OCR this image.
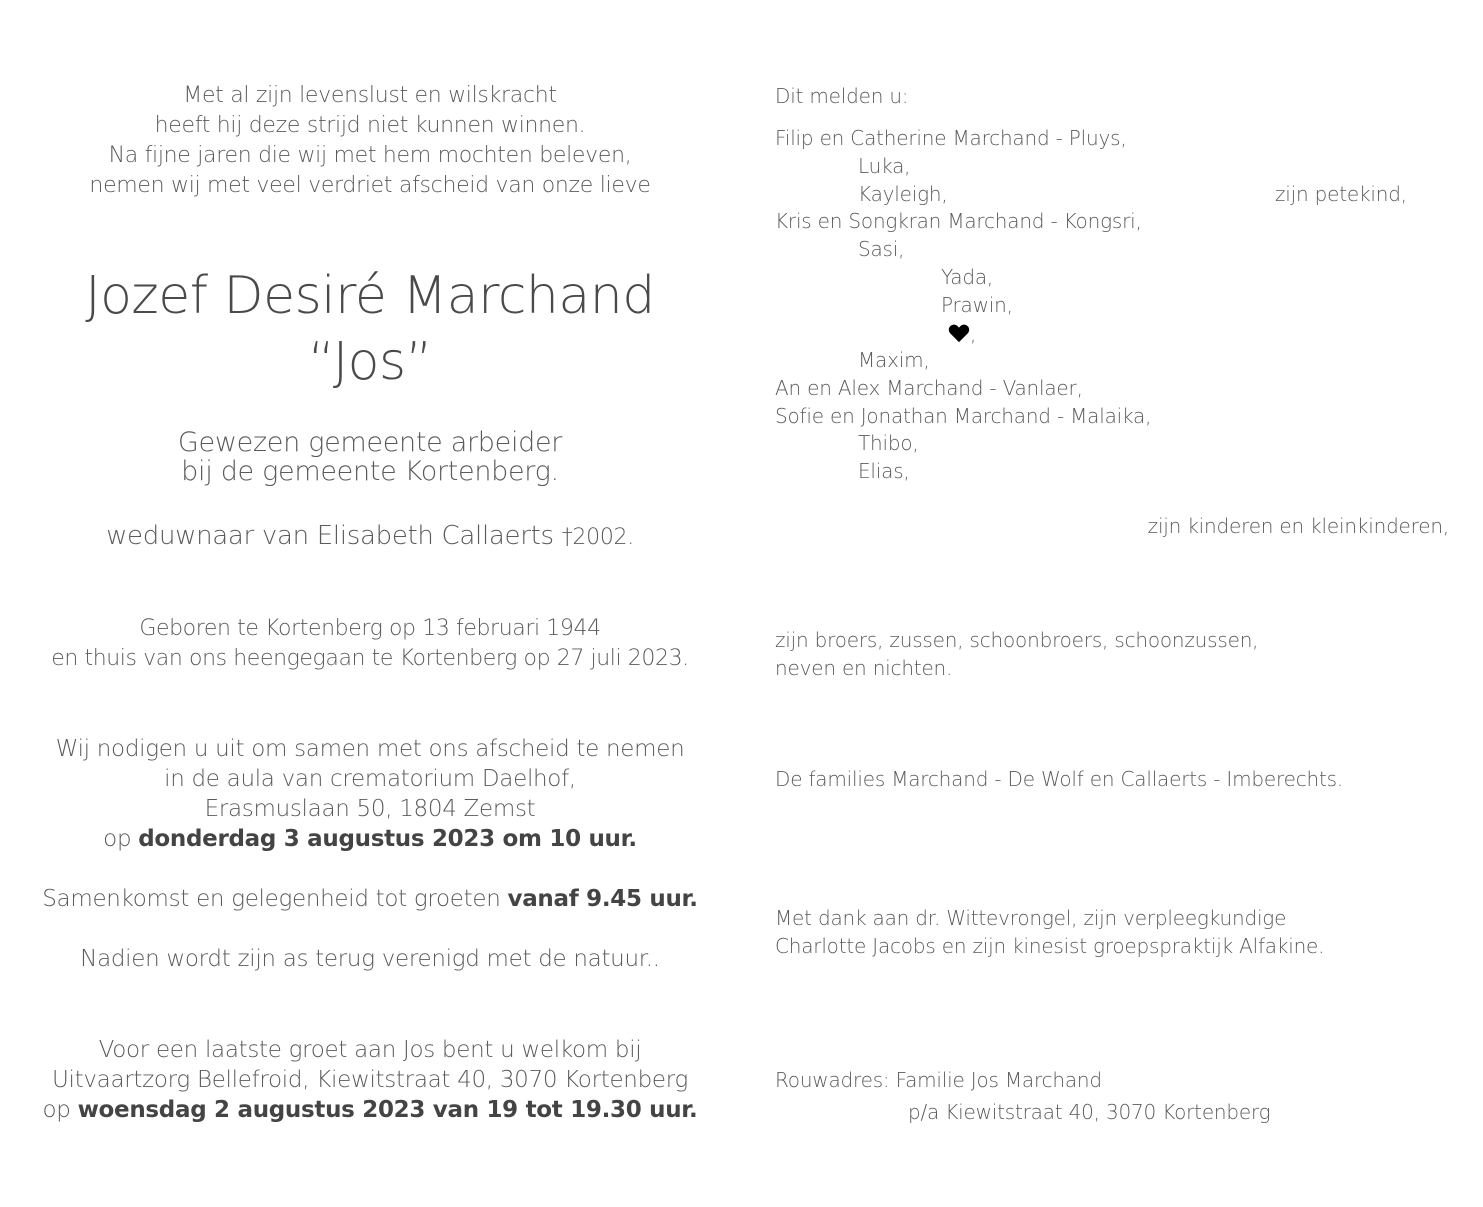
Met al zijn levenslust en wilskracht
heeft hij deze strijd niet kunnen winnen.
Na fijne jaren die wij met hem mochten beleven,
nemen wij met veel verdriet afscheid van onze lieve
Jozef Desiré Marchand
“Jos”
Gewezen gemeente arbeider
bij de gemeente Kortenberg.
weduwnaar van Elisabeth Callaerts †2002.
Geboren te Kortenberg op 13 februari 1944
en thuis van ons heengegaan te Kortenberg op 27 juli 2023.
Wij nodigen u uit om samen met ons afscheid te nemen
in de aula van crematorium Daelhof,
Erasmuslaan 50, 1804 Zemst
op donderdag 3 augustus 2023 om 10 uur.
Samenkomst en gelegenheid tot groeten vanaf 9.45 uur.
Nadien wordt zijn as terug verenigd met de natuur..
Voor een laatste groet aan Jos bent u welkom bij
Uitvaartzorg Bellefroid, Kiewitstraat 40, 3070 Kortenberg
op woensdag 2 augustus 2023 van 19 tot 19.30 uur.
Dit melden u:
Filip en Catherine Marchand - Pluys,
Luka,
Kayleigh,	zijn petekind,
Kris en Songkran Marchand - Kongsri,
Sasi,
Yada,
Prawin,
,
Maxim,
An en Alex Marchand - Vanlaer,
Sofie en Jonathan Marchand - Malaika,
Thibo,
Elias,
zijn kinderen en kleinkinderen,
zijn broers, zussen, schoonbroers, schoonzussen,
neven en nichten.
De families Marchand - De Wolf en Callaerts - Imberechts.
Met dank aan dr. Wittevrongel, zijn verpleegkundige
Charlotte Jacobs en zijn kinesist groepspraktijk Alfakine.
Rouwadres: Familie Jos Marchand
p/a Kiewitstraat 40, 3070 Kortenberg
